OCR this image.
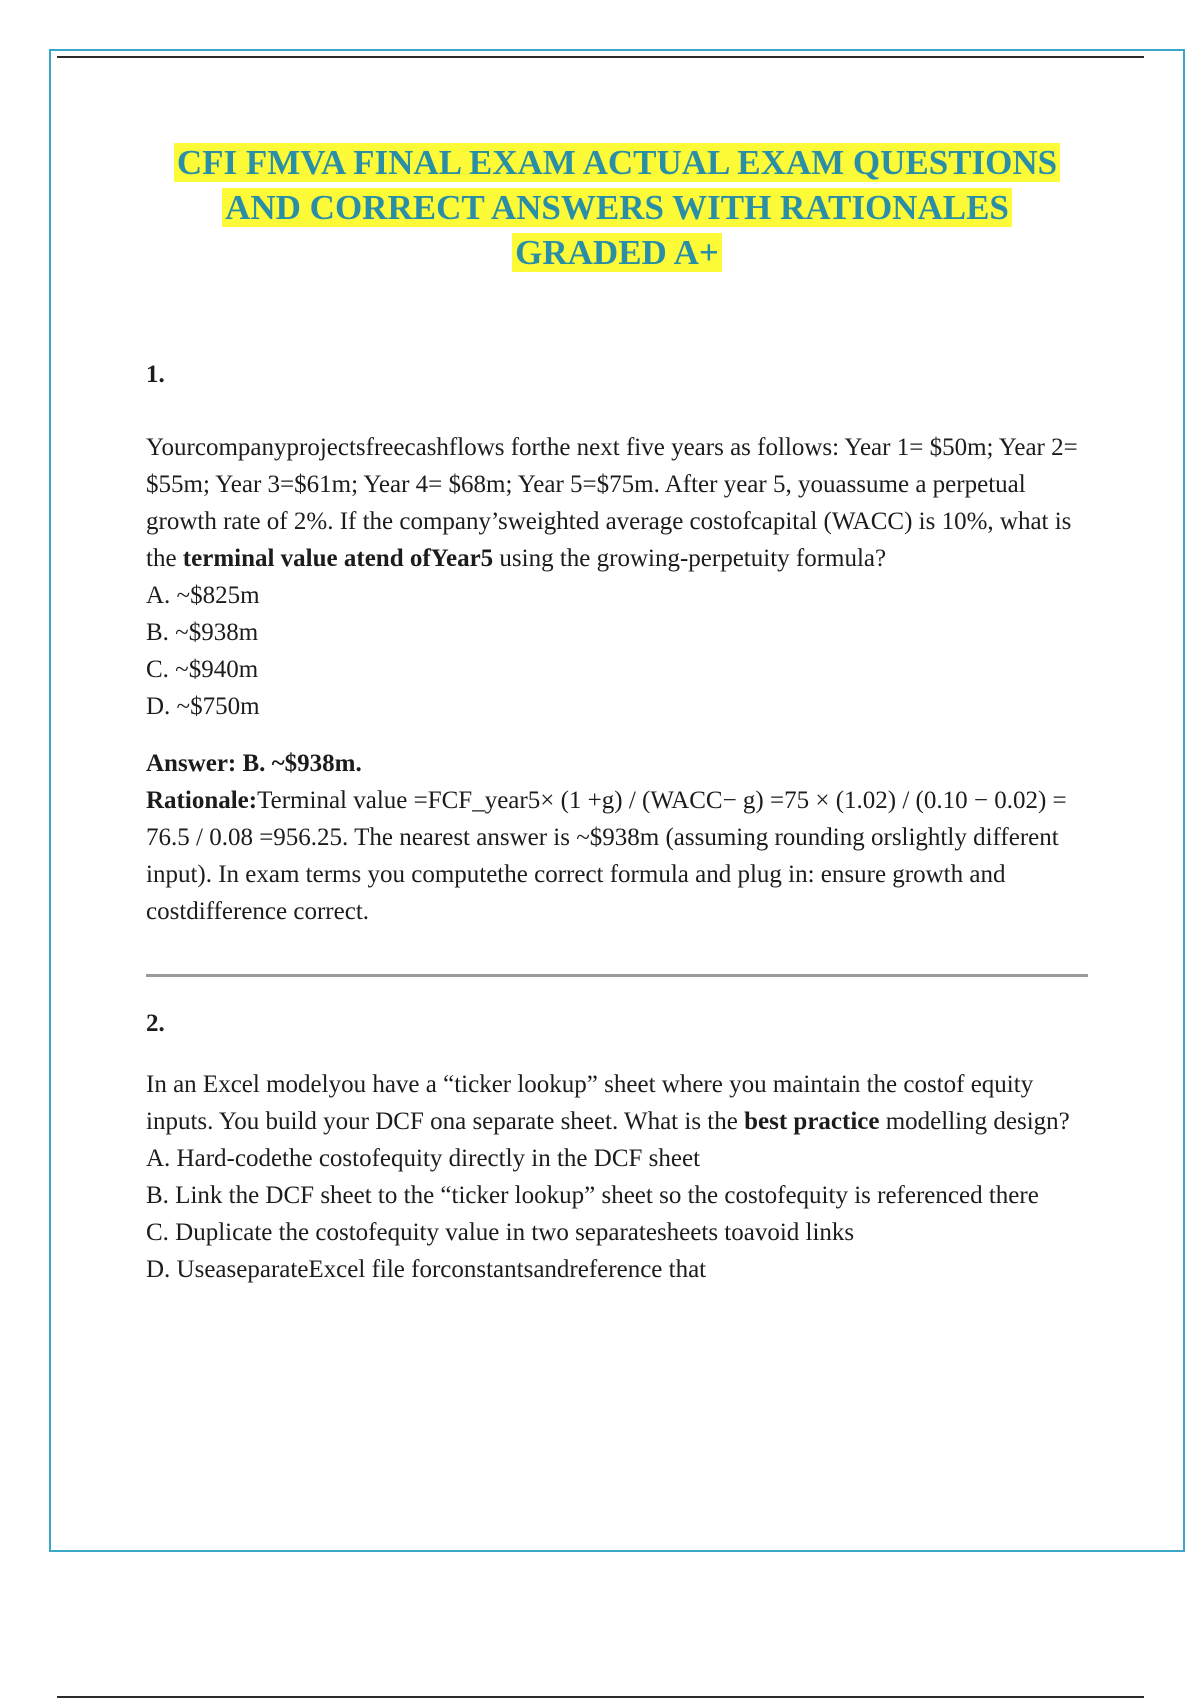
CFI FMVA FINAL EXAM ACTUAL EXAM QUESTIONS
AND CORRECT ANSWERS WITH RATIONALES
GRADED A+

1.

Yourcompanyprojectsfreecashflows forthe next five years as follows: Year 1= $50m; Year 2= $55m; Year 3=$61m; Year 4= $68m; Year 5=$75m. After year 5, youassume a perpetual growth rate of 2%. If the company’sweighted average costofcapital (WACC) is 10%, what is the terminal value atend ofYear5 using the growing-perpetuity formula?

A. ~$825m

B. ~$938m

C. ~$940m

D. ~$750m

Answer: B. ~$938m.

Rationale:Terminal value =FCF_year5× (1 +g) / (WACC− g) =75 × (1.02) / (0.10 − 0.02) = 76.5 / 0.08 =956.25. The nearest answer is ~$938m (assuming rounding orslightly different input). In exam terms you computethe correct formula and plug in: ensure growth and costdifference correct.

2.

In an Excel modelyou have a “ticker lookup” sheet where you maintain the costof equity inputs. You build your DCF ona separate sheet. What is the best practice modelling design?

A. Hard-codethe costofequity directly in the DCF sheet

B. Link the DCF sheet to the “ticker lookup” sheet so the costofequity is referenced there

C. Duplicate the costofequity value in two separatesheets toavoid links

D. UseaseparateExcel file forconstantsandreference that
